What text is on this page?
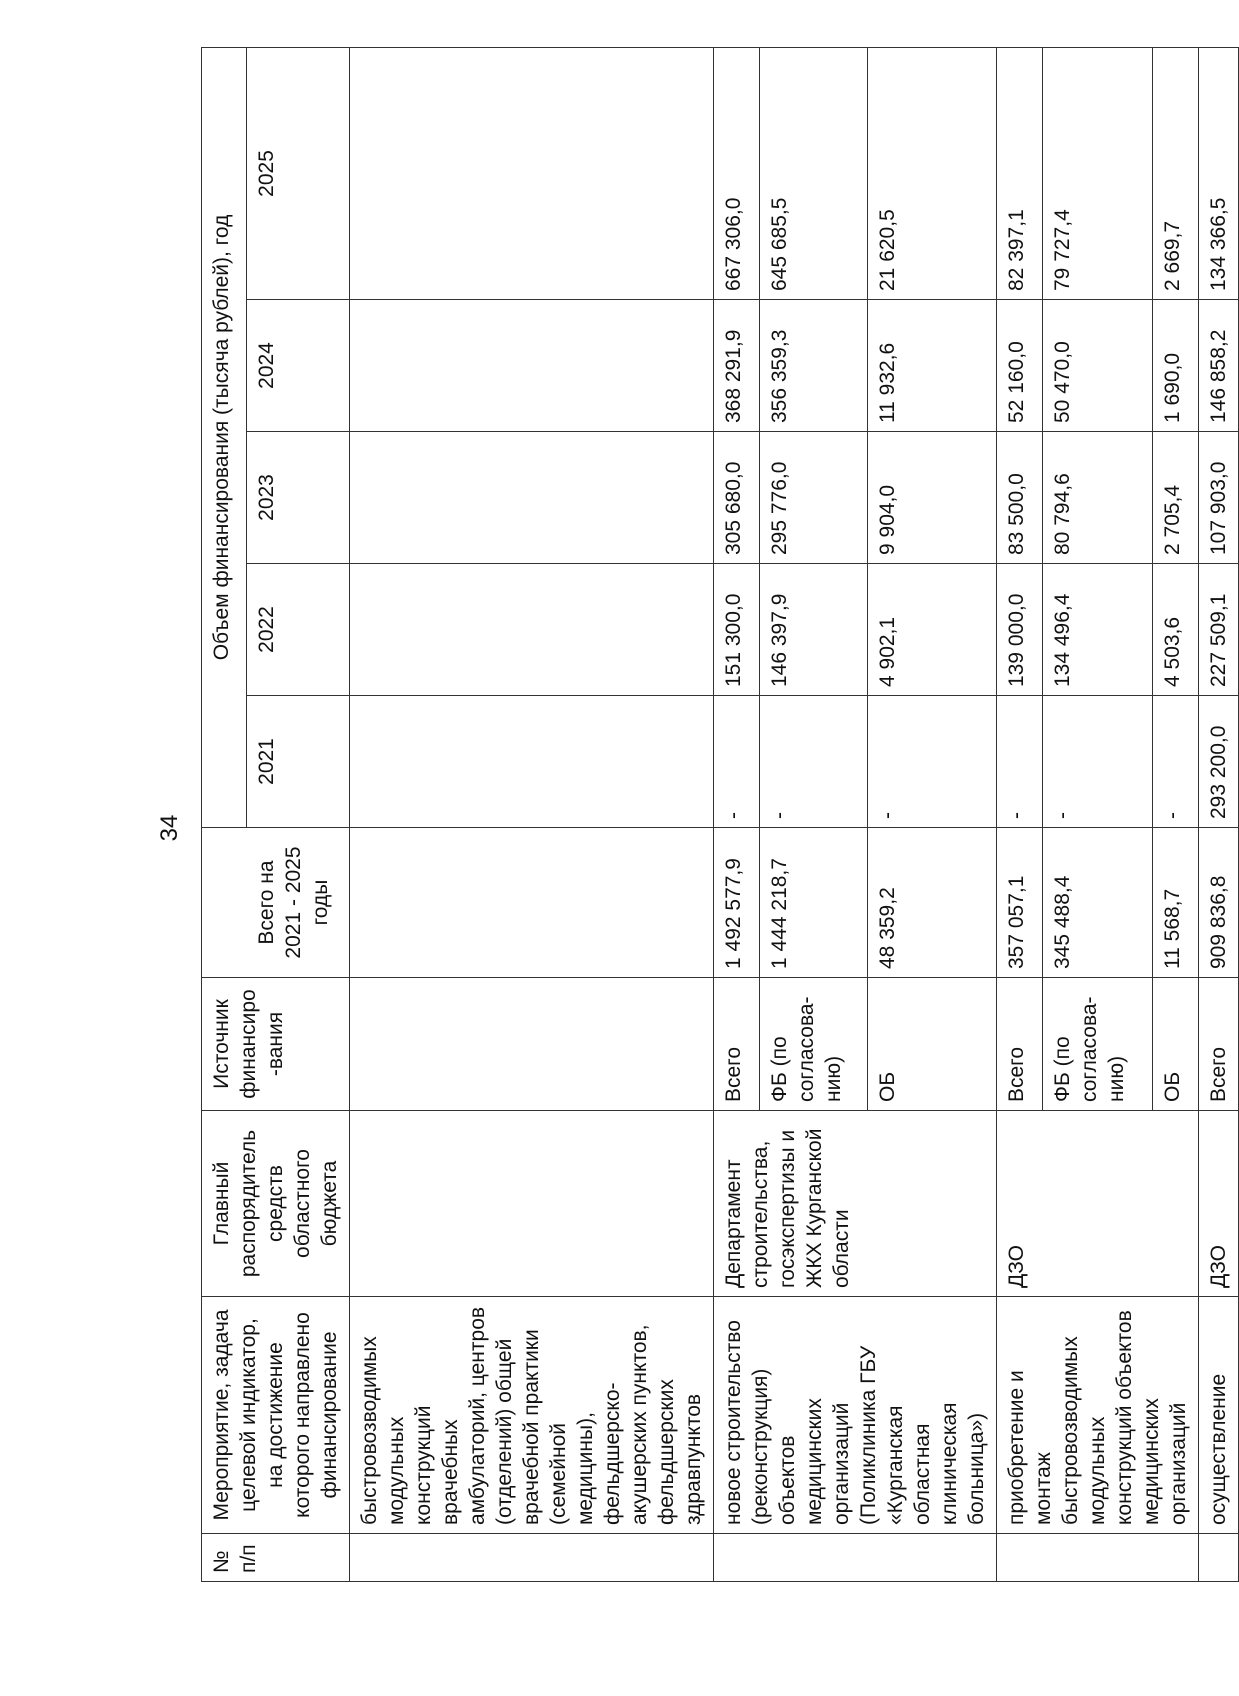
34
№ п/п	Мероприятие, задача целевой индикатор, на достижение которого направлено финансирование	Главный распорядитель средств областного бюджета	Источник финансиро-вания		Объем финансирования (тысяча рублей), год				
				Всего на 2021 - 2025 годы	2021	2022	2023	2024	2025
	быстровозводимых модульных конструкций врачебных амбулаторий, центров (отделений) общей врачебной практики (семейной медицины), фельдшерско-акушерских пунктов, фельдшерских здравпунктов								
	новое строительство (реконструкция) объектов медицинских организаций (Поликлиника ГБУ «Курганская областная клиническая больница»)	Департамент строительства, госэкспертизы и ЖКХ Курганской области	Всего	1 492 577,9	-	151 300,0	305 680,0	368 291,9	667 306,0
			ФБ (по согласова-нию)	1 444 218,7	-	146 397,9	295 776,0	356 359,3	645 685,5
			ОБ	48 359,2	-	4 902,1	9 904,0	11 932,6	21 620,5
	приобретение и монтаж быстровозводимых модульных конструкций объектов медицинских организаций	ДЗО	Всего	357 057,1	-	139 000,0	83 500,0	52 160,0	82 397,1
			ФБ (по согласова-нию)	345 488,4	-	134 496,4	80 794,6	50 470,0	79 727,4
			ОБ	11 568,7	-	4 503,6	2 705,4	1 690,0	2 669,7
	осуществление	ДЗО	Всего	909 836,8	293 200,0	227 509,1	107 903,0	146 858,2	134 366,5
